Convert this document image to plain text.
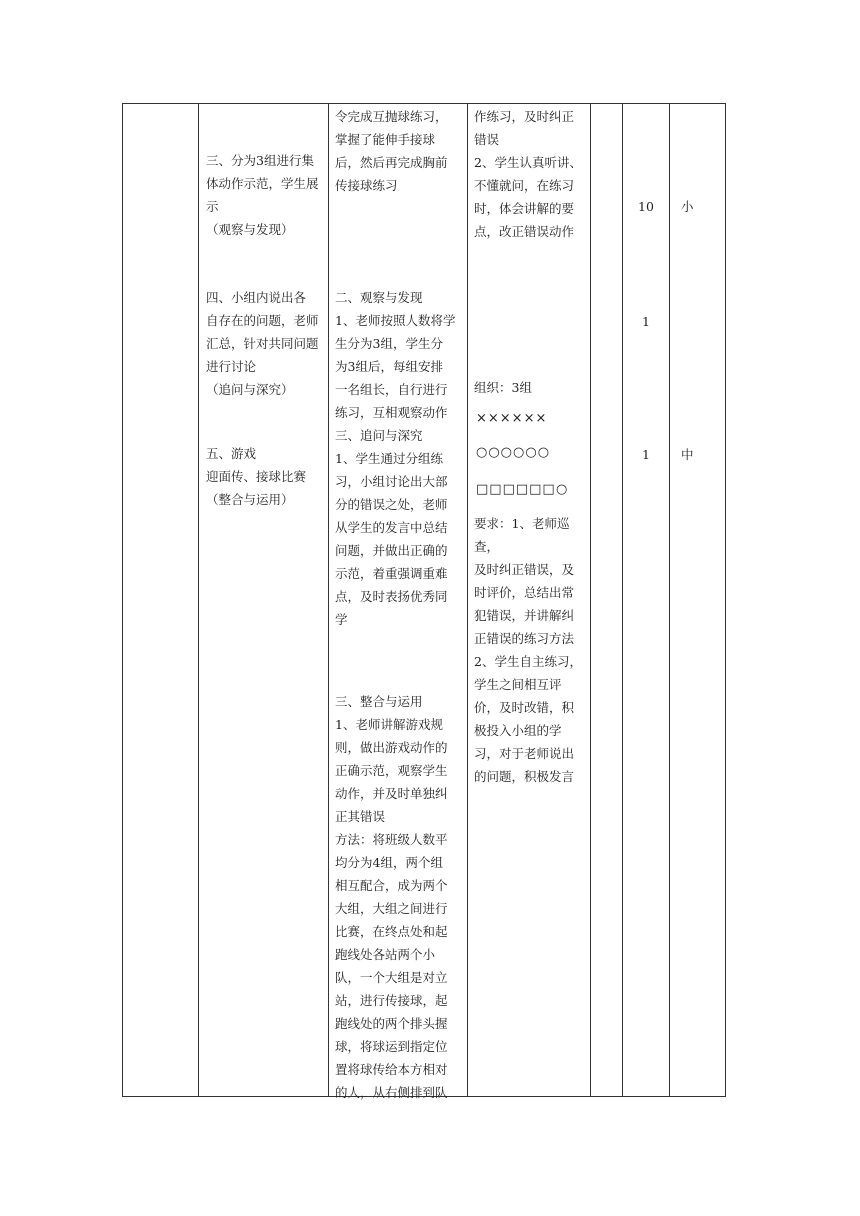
三、分为3组进行集
体动作示范，学生展
示
（观察与发现）
四、小组内说出各
自存在的问题，老师
汇总，针对共同问题
进行讨论
（追问与深究）
五、游戏
迎面传、接球比赛
（整合与运用）
令完成互抛球练习，
掌握了能伸手接球
后，然后再完成胸前
传接球练习
二、观察与发现
1、老师按照人数将学
生分为3组，学生分
为3组后，每组安排
一名组长，自行进行
练习，互相观察动作
三、追问与深究
1、学生通过分组练
习，小组讨论出大部
分的错误之处，老师
从学生的发言中总结
问题，并做出正确的
示范，着重强调重难
点，及时表扬优秀同
学
三、整合与运用
1、老师讲解游戏规
则，做出游戏动作的
正确示范，观察学生
动作，并及时单独纠
正其错误
方法：将班级人数平
均分为4组，两个组
相互配合，成为两个
大组，大组之间进行
比赛，在终点处和起
跑线处各站两个小
队，一个大组是对立
站，进行传接球，起
跑线处的两个排头握
球，将球运到指定位
置将球传给本方相对
的人，从右侧排到队
作练习，及时纠正
错误
2、学生认真听讲、
不懂就问，在练习
时，体会讲解的要
点，改正错误动作
组织：3组
××××××
○○○○○○
□□□□□□ ○
要求：1、老师巡查，
及时纠正错误，及
时评价，总结出常
犯错误，并讲解纠
正错误的练习方法
2、学生自主练习，
学生之间相互评
价，及时改错，积
极投入小组的学
习，对于老师说出
的问题，积极发言
10
1
1
小
中
